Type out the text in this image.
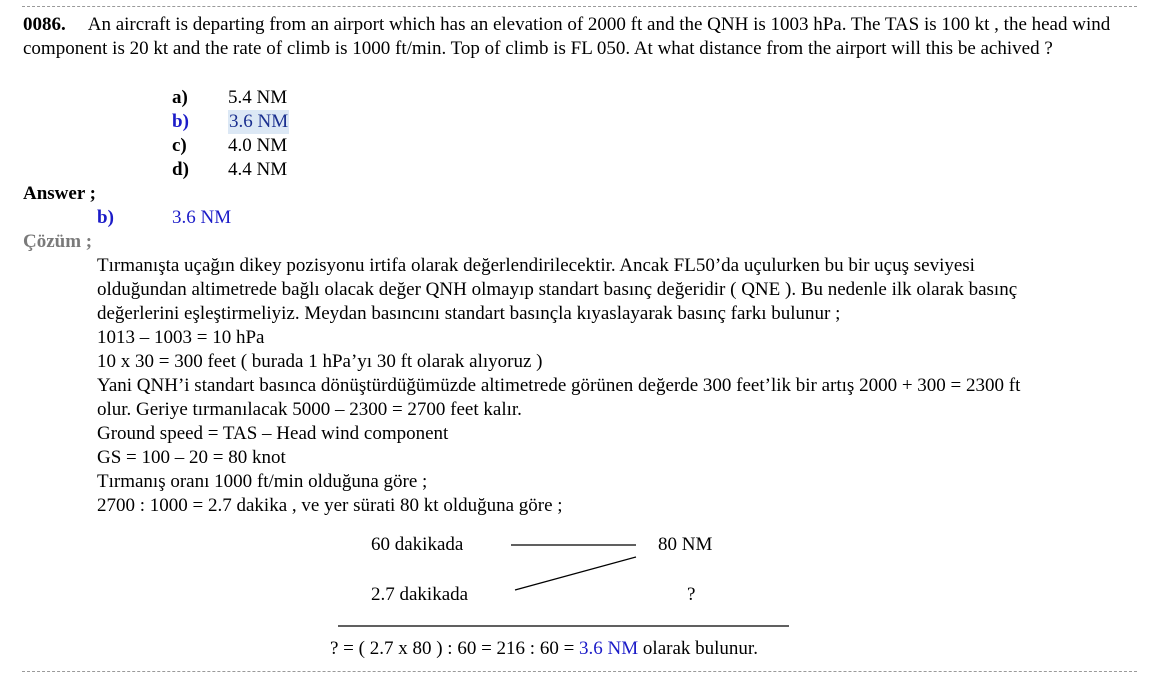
0086. An aircraft is departing from an airport which has an elevation of 2000 ft and the QNH is 1003 hPa. The TAS is 100 kt , the head wind component is 20 kt and the rate of climb is 1000 ft/min. Top of climb is FL 050. At what distance from the airport will this be achived ?
a) 5.4 NM
b) 3.6 NM
c) 4.0 NM
d) 4.4 NM
Answer ;
b)	3.6 NM
Çözüm ;
Tırmanışta uçağın dikey pozisyonu irtifa olarak değerlendirilecektir. Ancak FL50’da uçulurken bu bir uçuş seviyesi
olduğundan altimetrede bağlı olacak değer QNH olmayıp standart basınç değeridir ( QNE ). Bu nedenle ilk olarak basınç
değerlerini eşleştirmeliyiz. Meydan basıncını standart basınçla kıyaslayarak basınç farkı bulunur ;
1013 – 1003 = 10 hPa
10 x 30 = 300 feet ( burada 1 hPa’yı 30 ft olarak alıyoruz )
Yani QNH’i standart basınca dönüştürdüğümüzde altimetrede görünen değerde 300 feet’lik bir artış 2000 + 300 = 2300 ft
olur. Geriye tırmanılacak 5000 – 2300 = 2700 feet kalır.
Ground speed = TAS – Head wind component
GS = 100 – 20 = 80 knot
Tırmanış oranı 1000 ft/min olduğuna göre ;
2700 : 1000 = 2.7 dakika , ve yer sürati 80 kt olduğuna göre ;
60 dakikada	80 NM
2.7 dakikada	?
? = ( 2.7 x 80 ) : 60 = 216 : 60 = 3.6 NM olarak bulunur.
